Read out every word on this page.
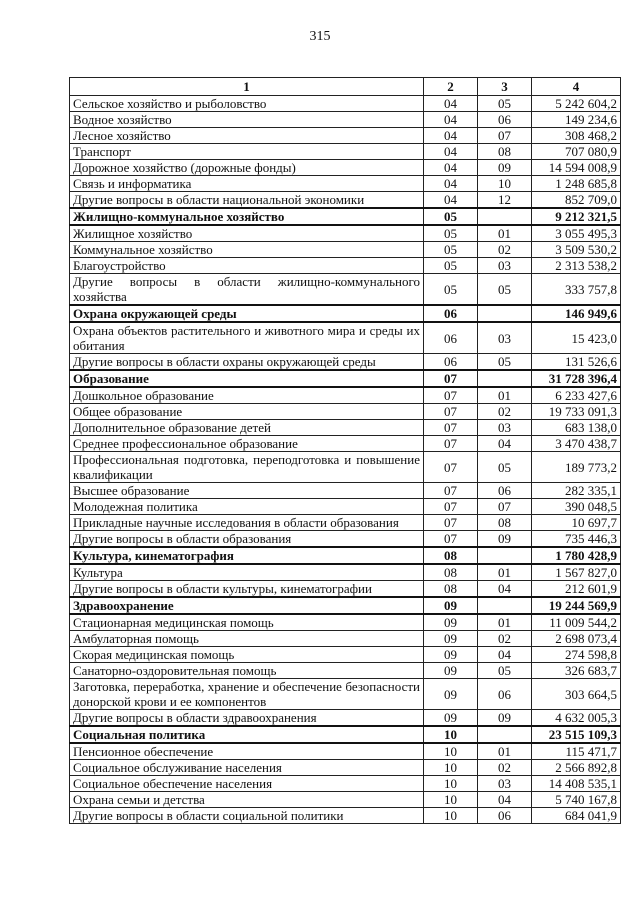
315
1	2	3	4
Сельское хозяйство и рыболовство	04	05	5 242 604,2
Водное хозяйство	04	06	149 234,6
Лесное хозяйство	04	07	308 468,2
Транспорт	04	08	707 080,9
Дорожное хозяйство (дорожные фонды)	04	09	14 594 008,9
Связь и информатика	04	10	1 248 685,8
Другие вопросы в области национальной экономики	04	12	852 709,0
Жилищно-коммунальное хозяйство	05		9 212 321,5
Жилищное хозяйство	05	01	3 055 495,3
Коммунальное хозяйство	05	02	3 509 530,2
Благоустройство	05	03	2 313 538,2
Другие вопросы в области жилищно-коммунального хозяйства	05	05	333 757,8
Охрана окружающей среды	06		146 949,6
Охрана объектов растительного и животного мира и среды их обитания	06	03	15 423,0
Другие вопросы в области охраны окружающей среды	06	05	131 526,6
Образование	07		31 728 396,4
Дошкольное образование	07	01	6 233 427,6
Общее образование	07	02	19 733 091,3
Дополнительное образование детей	07	03	683 138,0
Среднее профессиональное образование	07	04	3 470 438,7
Профессиональная подготовка, переподготовка и повышение квалификации	07	05	189 773,2
Высшее образование	07	06	282 335,1
Молодежная политика	07	07	390 048,5
Прикладные научные исследования в области образования	07	08	10 697,7
Другие вопросы в области образования	07	09	735 446,3
Культура, кинематография	08		1 780 428,9
Культура	08	01	1 567 827,0
Другие вопросы в области культуры, кинематографии	08	04	212 601,9
Здравоохранение	09		19 244 569,9
Стационарная медицинская помощь	09	01	11 009 544,2
Амбулаторная помощь	09	02	2 698 073,4
Скорая медицинская помощь	09	04	274 598,8
Санаторно-оздоровительная помощь	09	05	326 683,7
Заготовка, переработка, хранение и обеспечение безопасности донорской крови и ее компонентов	09	06	303 664,5
Другие вопросы в области здравоохранения	09	09	4 632 005,3
Социальная политика	10		23 515 109,3
Пенсионное обеспечение	10	01	115 471,7
Социальное обслуживание населения	10	02	2 566 892,8
Социальное обеспечение населения	10	03	14 408 535,1
Охрана семьи и детства	10	04	5 740 167,8
Другие вопросы в области социальной политики	10	06	684 041,9
